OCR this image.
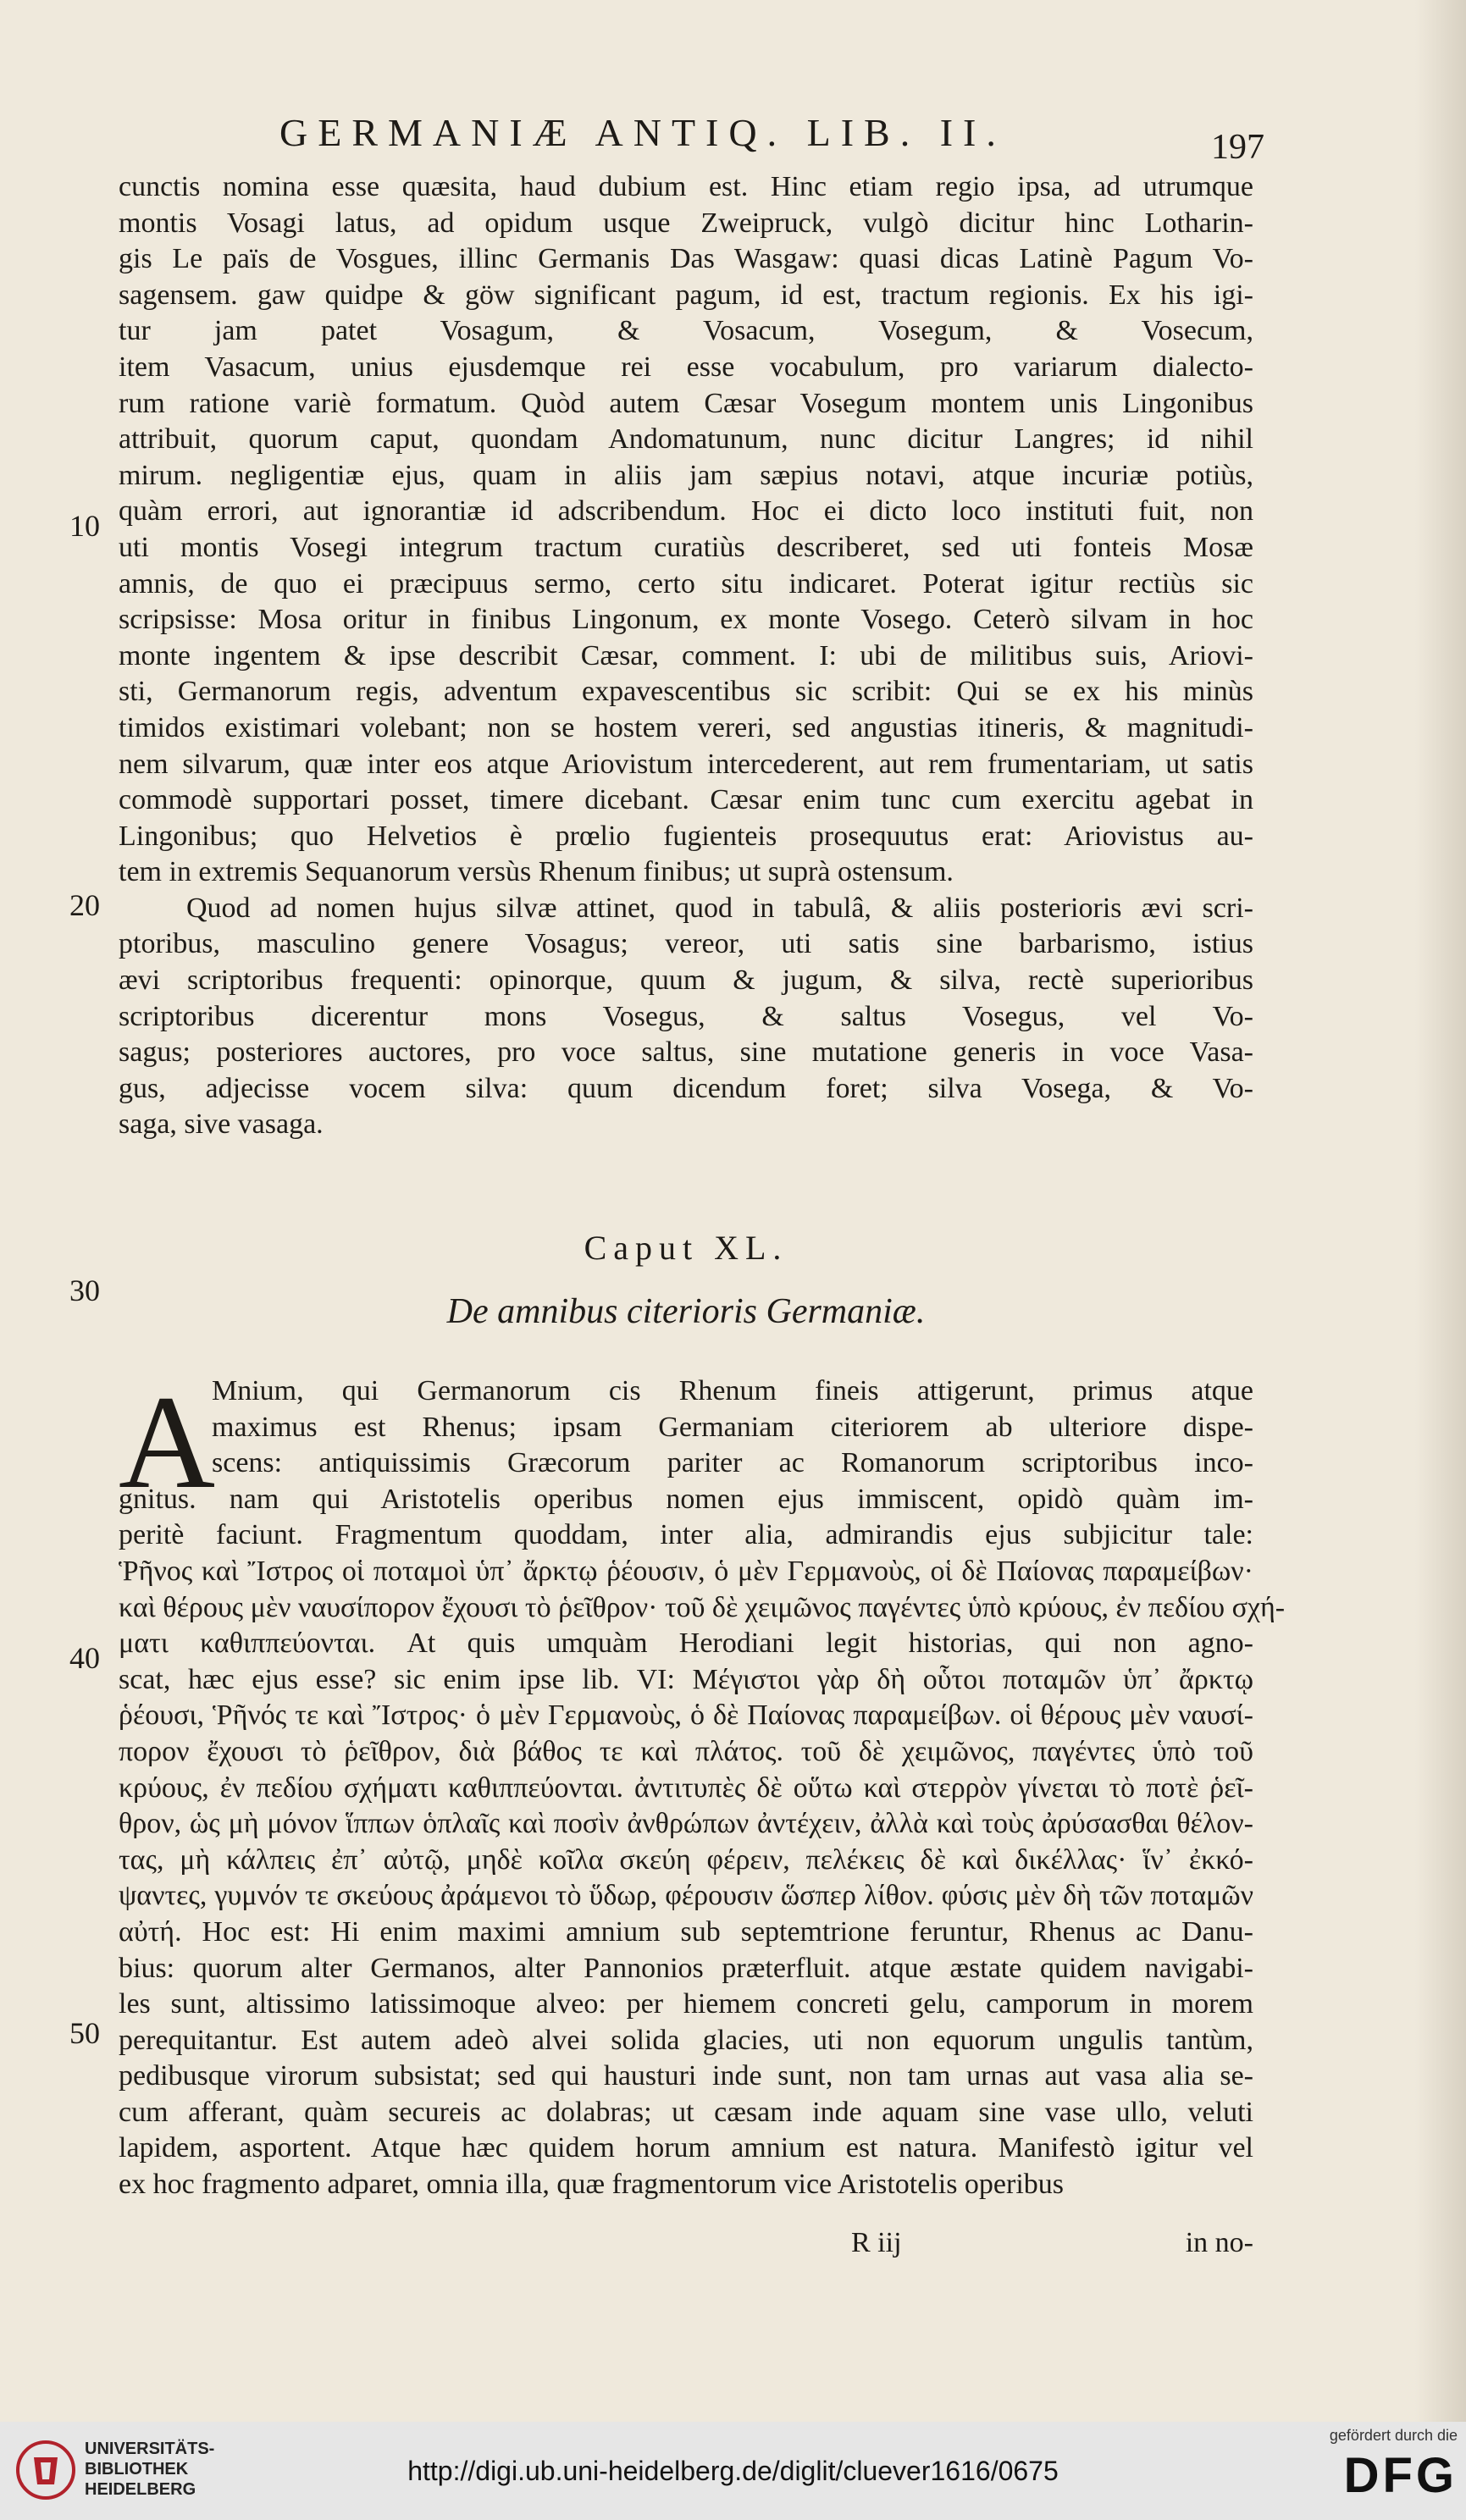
GERMANIÆ ANTIQ. LIB. II.	197
10
20
30
40
50
cunctis nomina esse quæsita, haud dubium est. Hinc etiam regio ipsa, ad utrumque
montis Vosagi latus, ad opidum usque Zweipruck, vulgò dicitur hinc Lotharin-
gis Le païs de Vosgues, illinc Germanis Das Wasgaw: quasi dicas Latinè Pagum Vo-
sagensem. gaw quidpe & göw significant pagum, id est, tractum regionis. Ex his igi-
tur jam patet Vosagum, & Vosacum, Vosegum, & Vosecum,
item Vasacum, unius ejusdemque rei esse vocabulum, pro variarum dialecto-
rum ratione variè formatum. Quòd autem Cæsar Vosegum montem unis Lingonibus
attribuit, quorum caput, quondam Andomatunum, nunc dicitur Langres; id nihil
mirum. negligentiæ ejus, quam in aliis jam sæpius notavi, atque incuriæ potiùs,
quàm errori, aut ignorantiæ id adscribendum. Hoc ei dicto loco instituti fuit, non
uti montis Vosegi integrum tractum curatiùs describeret, sed uti fonteis Mosæ
amnis, de quo ei præcipuus sermo, certo situ indicaret. Poterat igitur rectiùs sic
scripsisse: Mosa oritur in finibus Lingonum, ex monte Vosego. Ceterò silvam in hoc
monte ingentem & ipse describit Cæsar, comment. I: ubi de militibus suis, Ariovi-
sti, Germanorum regis, adventum expavescentibus sic scribit: Qui se ex his minùs
timidos existimari volebant; non se hostem vereri, sed angustias itineris, & magnitudi-
nem silvarum, quæ inter eos atque Ariovistum intercederent, aut rem frumentariam, ut satis
commodè supportari posset, timere dicebant. Cæsar enim tunc cum exercitu agebat in
Lingonibus; quo Helvetios è prœlio fugienteis prosequutus erat: Ariovistus au-
tem in extremis Sequanorum versùs Rhenum finibus; ut suprà ostensum.
Quod ad nomen hujus silvæ attinet, quod in tabulâ, & aliis posterioris ævi scri-
ptoribus, masculino genere Vosagus; vereor, uti satis sine barbarismo, istius
ævi scriptoribus frequenti: opinorque, quum & jugum, & silva, rectè superioribus
scriptoribus dicerentur mons Vosegus, & saltus Vosegus, vel Vo-
sagus; posteriores auctores, pro voce saltus, sine mutatione generis in voce Vasa-
gus, adjecisse vocem silva: quum dicendum foret; silva Vosega, & Vo-
saga, sive vasaga.
Caput XL.
De amnibus citerioris Germaniæ.
A
Mnium, qui Germanorum cis Rhenum fineis attigerunt, primus atque
maximus est Rhenus; ipsam Germaniam citeriorem ab ulteriore dispe-
scens: antiquissimis Græcorum pariter ac Romanorum scriptoribus inco-
gnitus. nam qui Aristotelis operibus nomen ejus immiscent, opidò quàm im-
peritè faciunt. Fragmentum quoddam, inter alia, admirandis ejus subjicitur tale:
Ῥῆνος καὶ Ἴστρος οἱ ποταμοὶ ὑπ᾽ ἄρκτῳ ῥέουσιν, ὁ μὲν Γερμανοὺς, οἱ δὲ Παίονας παραμείβων·
καὶ θέρους μὲν ναυσίπορον ἔχουσι τὸ ῥεῖθρον· τοῦ δὲ χειμῶνος παγέντες ὑπὸ κρύους, ἐν πεδίου σχή-
ματι καθιππεύονται. At quis umquàm Herodiani legit historias, qui non agno-
scat, hæc ejus esse? sic enim ipse lib. VI: Μέγιστοι γὰρ δὴ οὗτοι ποταμῶν ὑπ᾽ ἄρκτῳ
ῥέουσι, Ῥῆνός τε καὶ Ἴστρος· ὁ μὲν Γερμανοὺς, ὁ δὲ Παίονας παραμείβων. οἱ θέρους μὲν ναυσί-
πορον ἔχουσι τὸ ῥεῖθρον, διὰ βάθος τε καὶ πλάτος. τοῦ δὲ χειμῶνος, παγέντες ὑπὸ τοῦ
κρύους, ἐν πεδίου σχήματι καθιππεύονται. ἀντιτυπὲς δὲ οὕτω καὶ στερρὸν γίνεται τὸ ποτὲ ῥεῖ-
θρον, ὡς μὴ μόνον ἵππων ὁπλαῖς καὶ ποσὶν ἀνθρώπων ἀντέχειν, ἀλλὰ καὶ τοὺς ἀρύσασθαι θέλον-
τας, μὴ κάλπεις ἐπ᾽ αὐτῷ, μηδὲ κοῖλα σκεύη φέρειν, πελέκεις δὲ καὶ δικέλλας· ἵν᾽ ἐκκό-
ψαντες, γυμνόν τε σκεύους ἀράμενοι τὸ ὕδωρ, φέρουσιν ὥσπερ λίθον. φύσις μὲν δὴ τῶν ποταμῶν
αὐτή. Hoc est: Hi enim maximi amnium sub septemtrione feruntur, Rhenus ac Danu-
bius: quorum alter Germanos, alter Pannonios præterfluit. atque æstate quidem navigabi-
les sunt, altissimo latissimoque alveo: per hiemem concreti gelu, camporum in morem
perequitantur. Est autem adeò alvei solida glacies, uti non equorum ungulis tantùm,
pedibusque virorum subsistat; sed qui hausturi inde sunt, non tam urnas aut vasa alia se-
cum afferant, quàm secureis ac dolabras; ut cæsam inde aquam sine vase ullo, veluti
lapidem, asportent. Atque hæc quidem horum amnium est natura. Manifestò igitur vel
ex hoc fragmento adparet, omnia illa, quæ fragmentorum vice Aristotelis operibus
R iij	in no-
UNIVERSITÄTS-
BIBLIOTHEK
HEIDELBERG
http://digi.ub.uni-heidelberg.de/diglit/cluever1616/0675
gefördert durch die
DFG
